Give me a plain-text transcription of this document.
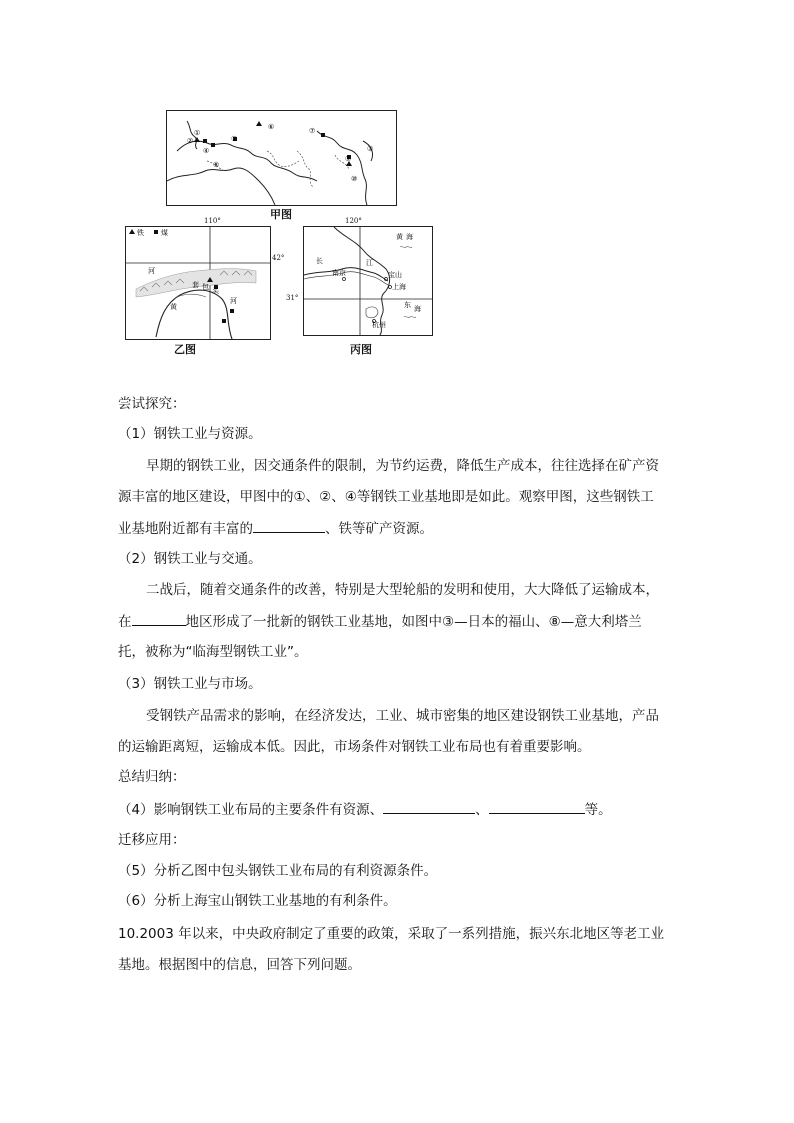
①
②
③
④
⑤
⑥	⑦
⑧
⑨
⑩
甲图
铁 煤
河
套 包 头
黄
河
110°
42°
乙图
黄 海
长	江
南京	宝山
上海
杭州
东 海
120°
31°
丙图
尝试探究：
（1）钢铁工业与资源。
早期的钢铁工业，因交通条件的限制，为节约运费，降低生产成本，往往选择在矿产资
源丰富的地区建设，甲图中的①、②、④等钢铁工业基地即是如此。观察甲图，这些钢铁工
业基地附近都有丰富的	、铁等矿产资源。
（2）钢铁工业与交通。
二战后，随着交通条件的改善，特别是大型轮船的发明和使用，大大降低了运输成本，
在	地区形成了一批新的钢铁工业基地，如图中③—日本的福山、⑧—意大利塔兰
托，被称为“临海型钢铁工业”。
（3）钢铁工业与市场。
受钢铁产品需求的影响，在经济发达，工业、城市密集的地区建设钢铁工业基地，产品
的运输距离短，运输成本低。因此，市场条件对钢铁工业布局也有着重要影响。
总结归纳：
（4）影响钢铁工业布局的主要条件有资源、	、	等。
迁移应用：
（5）分析乙图中包头钢铁工业布局的有利资源条件。
（6）分析上海宝山钢铁工业基地的有利条件。
10.2003 年以来，中央政府制定了重要的政策，采取了一系列措施，振兴东北地区等老工业
基地。根据图中的信息，回答下列问题。
